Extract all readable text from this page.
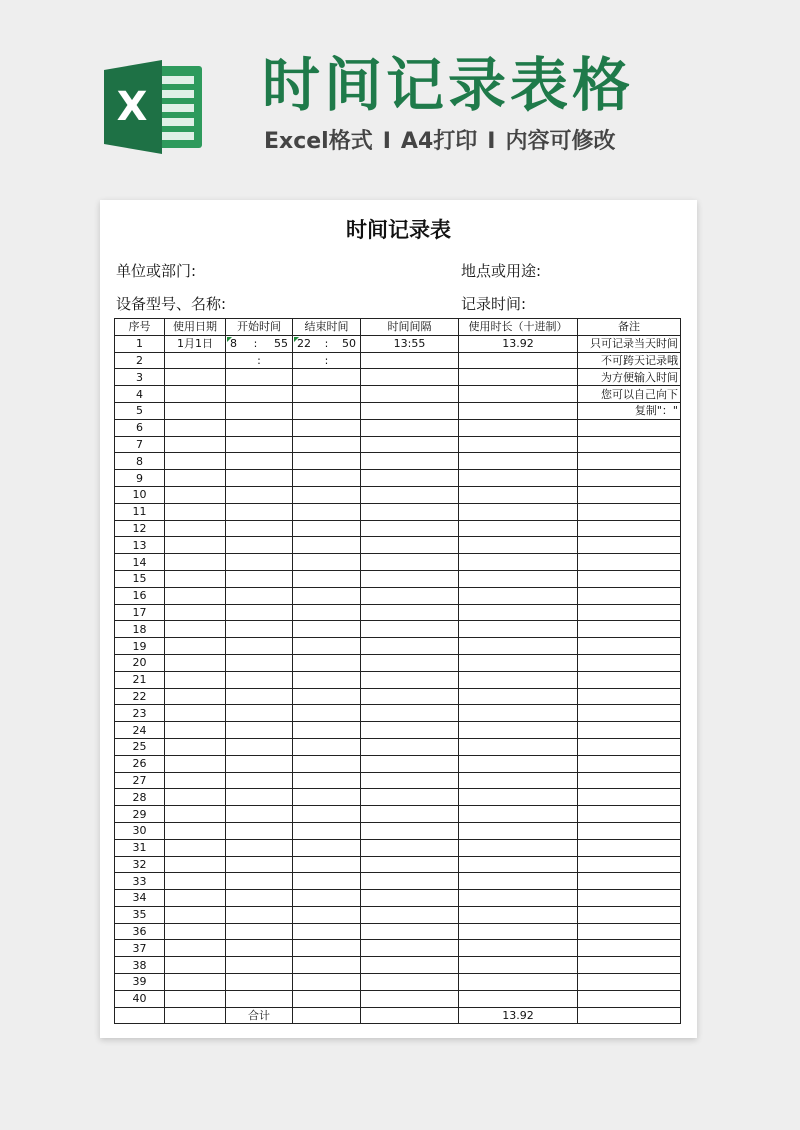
X 时间记录表格
Excel格式 I A4打印 I 内容可修改
时间记录表
单位或部门:	地点或用途:
设备型号、名称:	记录时间:
序号	使用日期	开始时间	结束时间	时间间隔	使用时长（十进制）	备注
1	1月1日	8 : 55	22 : 50	13:55	13.92	只可记录当天时间
2		:	:			不可跨天记录哦
3						为方便输入时间
4						您可以自己向下
5						复制"："
6						
7						
8						
9						
10						
11						
12						
13						
14						
15						
16						
17						
18						
19						
20						
21						
22						
23						
24						
25						
26						
27						
28						
29						
30						
31						
32						
33						
34						
35						
36						
37						
38						
39						
40						
		合计			13.92	
